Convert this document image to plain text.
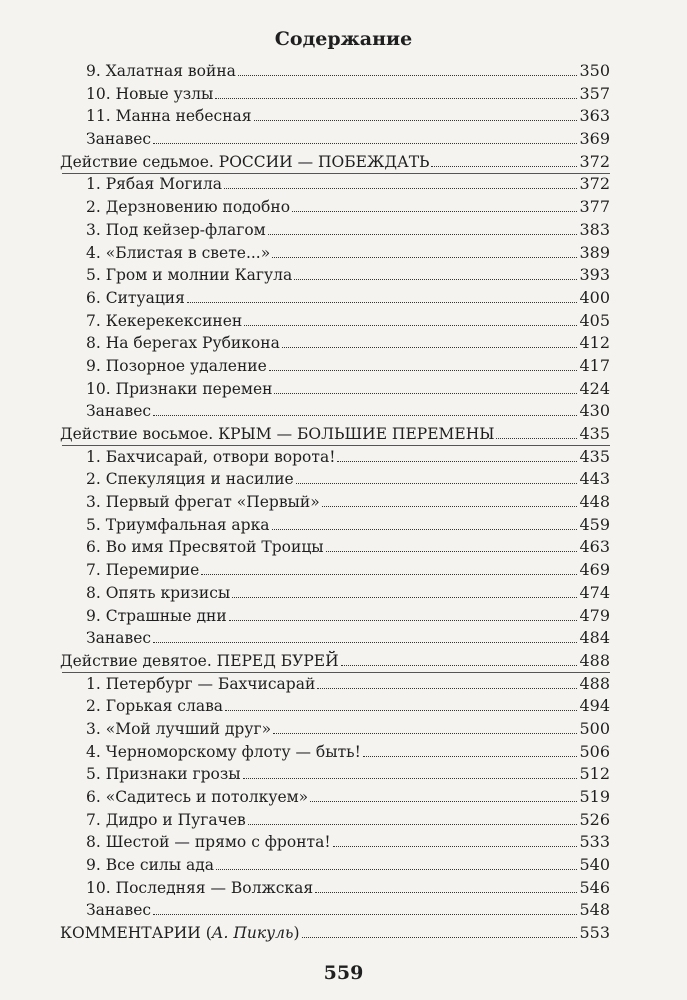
Содержание
9. Халатная война	350
10. Новые узлы	357
11. Манна небесная	363
Занавес	369
Действие седьмое. РОССИИ — ПОБЕЖДАТЬ	372
1. Рябая Могила	372
2. Дерзновению подобно	377
3. Под кейзер-флагом	383
4. «Блистая в свете...»	389
5. Гром и молнии Кагула	393
6. Ситуация	400
7. Кекерекексинен	405
8. На берегах Рубикона	412
9. Позорное удаление	417
10. Признаки перемен	424
Занавес	430
Действие восьмое. КРЫМ — БОЛЬШИЕ ПЕРЕМЕНЫ	435
1. Бахчисарай, отвори ворота!	435
2. Спекуляция и насилие	443
3. Первый фрегат «Первый»	448
5. Триумфальная арка	459
6. Во имя Пресвятой Троицы	463
7. Перемирие	469
8. Опять кризисы	474
9. Страшные дни	479
Занавес	484
Действие девятое. ПЕРЕД БУРЕЙ	488
1. Петербург — Бахчисарай	488
2. Горькая слава	494
3. «Мой лучший друг»	500
4. Черноморскому флоту — быть!	506
5. Признаки грозы	512
6. «Садитесь и потолкуем»	519
7. Дидро и Пугачев	526
8. Шестой — прямо с фронта!	533
9. Все силы ада	540
10. Последняя — Волжская	546
Занавес	548
КОММЕНТАРИИ (А. Пикуль)	553
559
